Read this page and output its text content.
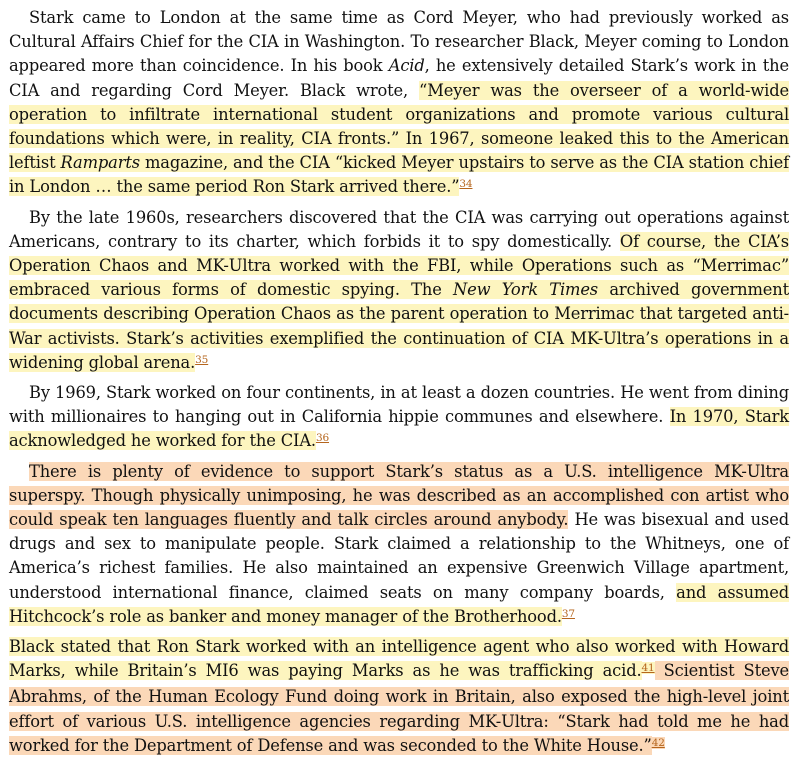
Stark came to London at the same time as Cord Meyer, who had previously worked as Cultural Affairs Chief for the CIA in Washington. To researcher Black, Meyer coming to London appeared more than coincidence. In his book Acid, he extensively detailed Stark’s work in the CIA and regarding Cord Meyer. Black wrote, “Meyer was the overseer of a world-wide operation to infiltrate international student organizations and promote various cultural foundations which were, in reality, CIA fronts.” In 1967, someone leaked this to the American leftist Ramparts magazine, and the CIA “kicked Meyer upstairs to serve as the CIA station chief in London … the same period Ron Stark arrived there.”$^{34}$

By the late 1960s, researchers discovered that the CIA was carrying out operations against Americans, contrary to its charter, which forbids it to spy domestically. Of course, the CIA’s Operation Chaos and MK-Ultra worked with the FBI, while Operations such as “Merrimac” embraced various forms of domestic spying. The New York Times archived government documents describing Operation Chaos as the parent operation to Merrimac that targeted anti-War activists. Stark’s activities exemplified the continuation of CIA MK-Ultra’s operations in a widening global arena.$^{35}$

By 1969, Stark worked on four continents, in at least a dozen countries. He went from dining with millionaires to hanging out in California hippie communes and elsewhere. In 1970, Stark acknowledged he worked for the CIA.$^{36}$

There is plenty of evidence to support Stark’s status as a U.S. intelligence MK-Ultra superspy. Though physically unimposing, he was described as an accomplished con artist who could speak ten languages fluently and talk circles around anybody. He was bisexual and used drugs and sex to manipulate people. Stark claimed a relationship to the Whitneys, one of America’s richest families. He also maintained an expensive Greenwich Village apartment, understood international finance, claimed seats on many company boards, and assumed Hitchcock’s role as banker and money manager of the Brotherhood.$^{37}$

Black stated that Ron Stark worked with an intelligence agent who also worked with Howard Marks, while Britain’s MI6 was paying Marks as he was trafficking acid.$^{41}$ Scientist Steve Abrahms, of the Human Ecology Fund doing work in Britain, also exposed the high-level joint effort of various U.S. intelligence agencies regarding MK-Ultra: “Stark had told me he had worked for the Department of Defense and was seconded to the White House.”$^{42}$
